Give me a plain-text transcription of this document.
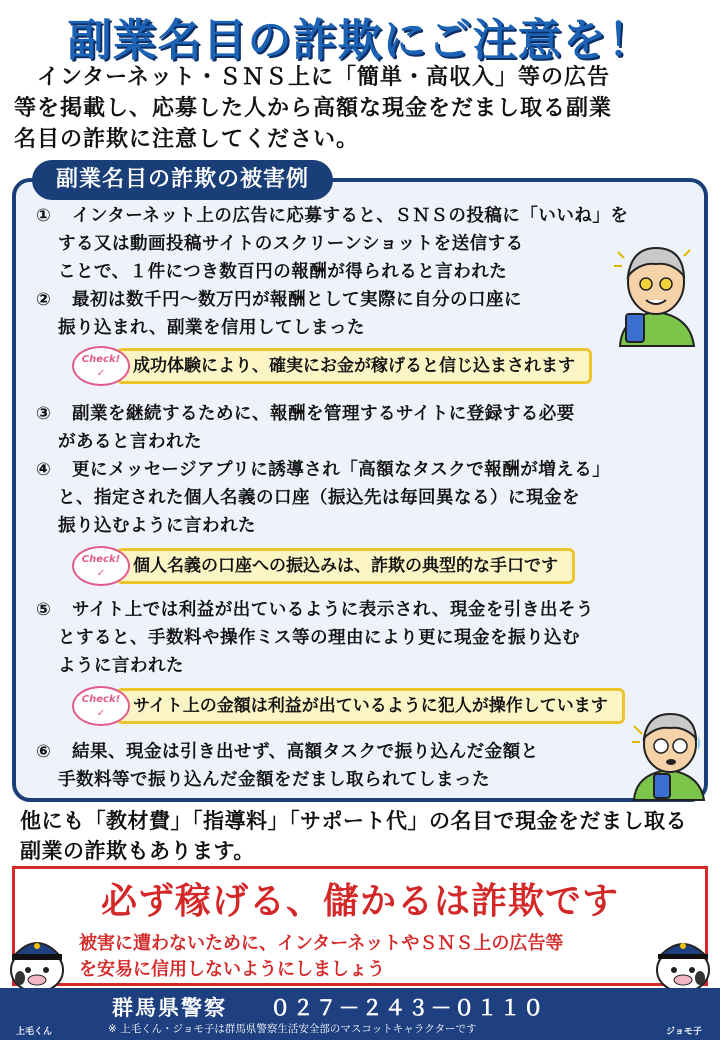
副業名目の詐欺にご注意を！
　インターネット・ＳＮＳ上に「簡単・高収入」等の広告
等を掲載し、応募した人から高額な現金をだまし取る副業
名目の詐欺に注意してください。
副業名目の詐欺の被害例
① インターネット上の広告に応募すると、ＳＮＳの投稿に「いいね」を
する又は動画投稿サイトのスクリーンショットを送信する
ことで、１件につき数百円の報酬が得られると言われた
② 最初は数千円～数万円が報酬として実際に自分の口座に
振り込まれ、副業を信用してしまった
成功体験により、確実にお金が稼げると信じ込まされます
Check!
✓
③ 副業を継続するために、報酬を管理するサイトに登録する必要
があると言われた
④ 更にメッセージアプリに誘導され「高額なタスクで報酬が増える」
と、指定された個人名義の口座（振込先は毎回異なる）に現金を
振り込むように言われた
個人名義の口座への振込みは、詐欺の典型的な手口です
Check!
✓
⑤ サイト上では利益が出ているように表示され、現金を引き出そう
とすると、手数料や操作ミス等の理由により更に現金を振り込む
ように言われた
サイト上の金額は利益が出ているように犯人が操作しています
Check!
✓
⑥ 結果、現金は引き出せず、高額タスクで振り込んだ金額と
手数料等で振り込んだ金額をだまし取られてしまった
他にも「教材費」「指導料」「サポート代」の名目で現金をだまし取る
副業の詐欺もあります。
必ず稼げる、儲かるは詐欺です
被害に遭わないために、インターネットやＳＮＳ上の広告等
を安易に信用しないようにしましょう
群馬県警察 ０２７－２４３－０１１０
※ 上毛くん・ジョモ子は群馬県警察生活安全部のマスコットキャラクターです
上毛くん	ジョモ子
